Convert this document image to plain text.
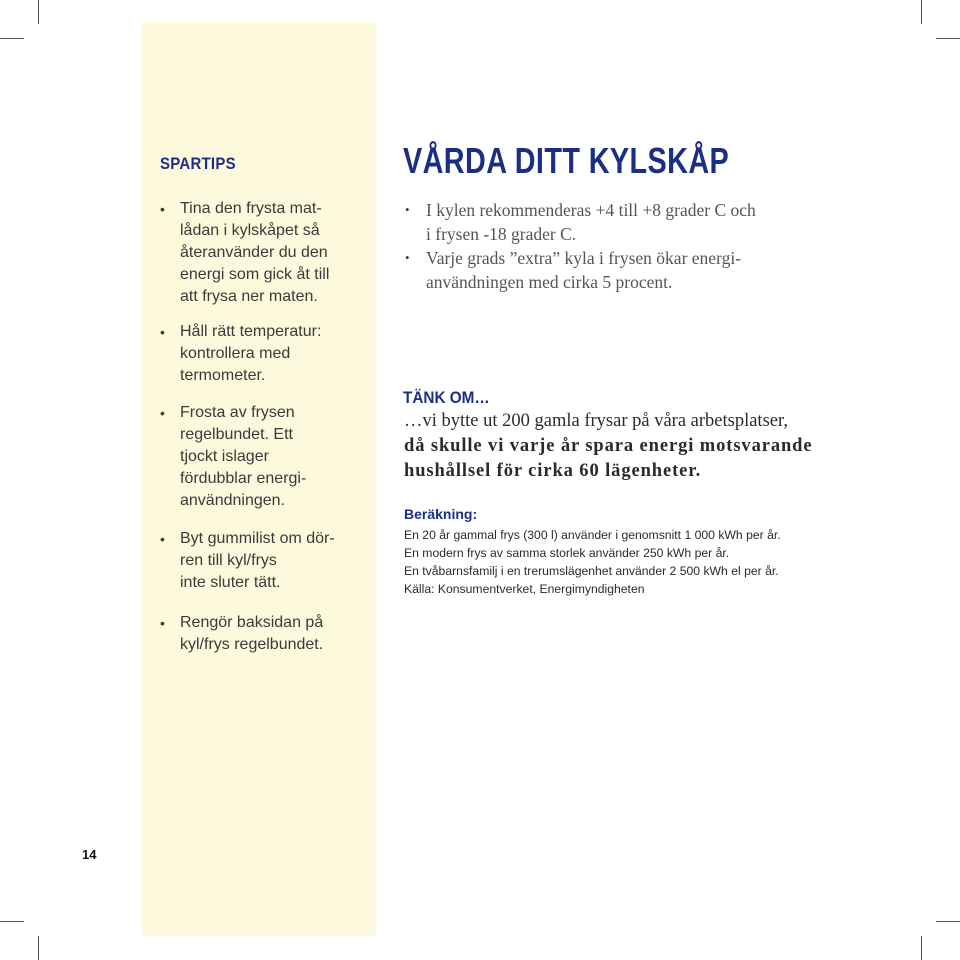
SPARTIPS
• Tina den frysta mat-
lådan i kylskåpet så
återanvänder du den
energi som gick åt till
att frysa ner maten.
• Håll rätt temperatur:
kontrollera med
termometer.
• Frosta av frysen
regelbundet. Ett
tjockt islager
fördubblar energi-
användningen.
• Byt gummilist om dör-
ren till kyl/frys
inte sluter tätt.
• Rengör baksidan på
kyl/frys regelbundet.
VÅRDA DITT KYLSKÅP
• I kylen rekommenderas +4 till +8 grader C och
i frysen -18 grader C.
• Varje grads ”extra” kyla i frysen ökar energi-
användningen med cirka 5 procent.
TÄNK OM…
…vi bytte ut 200 gamla frysar på våra arbetsplatser,
då skulle vi varje år spara energi motsvarande
hushållsel för cirka 60 lägenheter.
Beräkning:
En 20 år gammal frys (300 l) använder i genomsnitt 1 000 kWh per år.
En modern frys av samma storlek använder 250 kWh per år.
En tvåbarnsfamilj i en trerumslägenhet använder 2 500 kWh el per år.
Källa: Konsumentverket, Energimyndigheten
14
